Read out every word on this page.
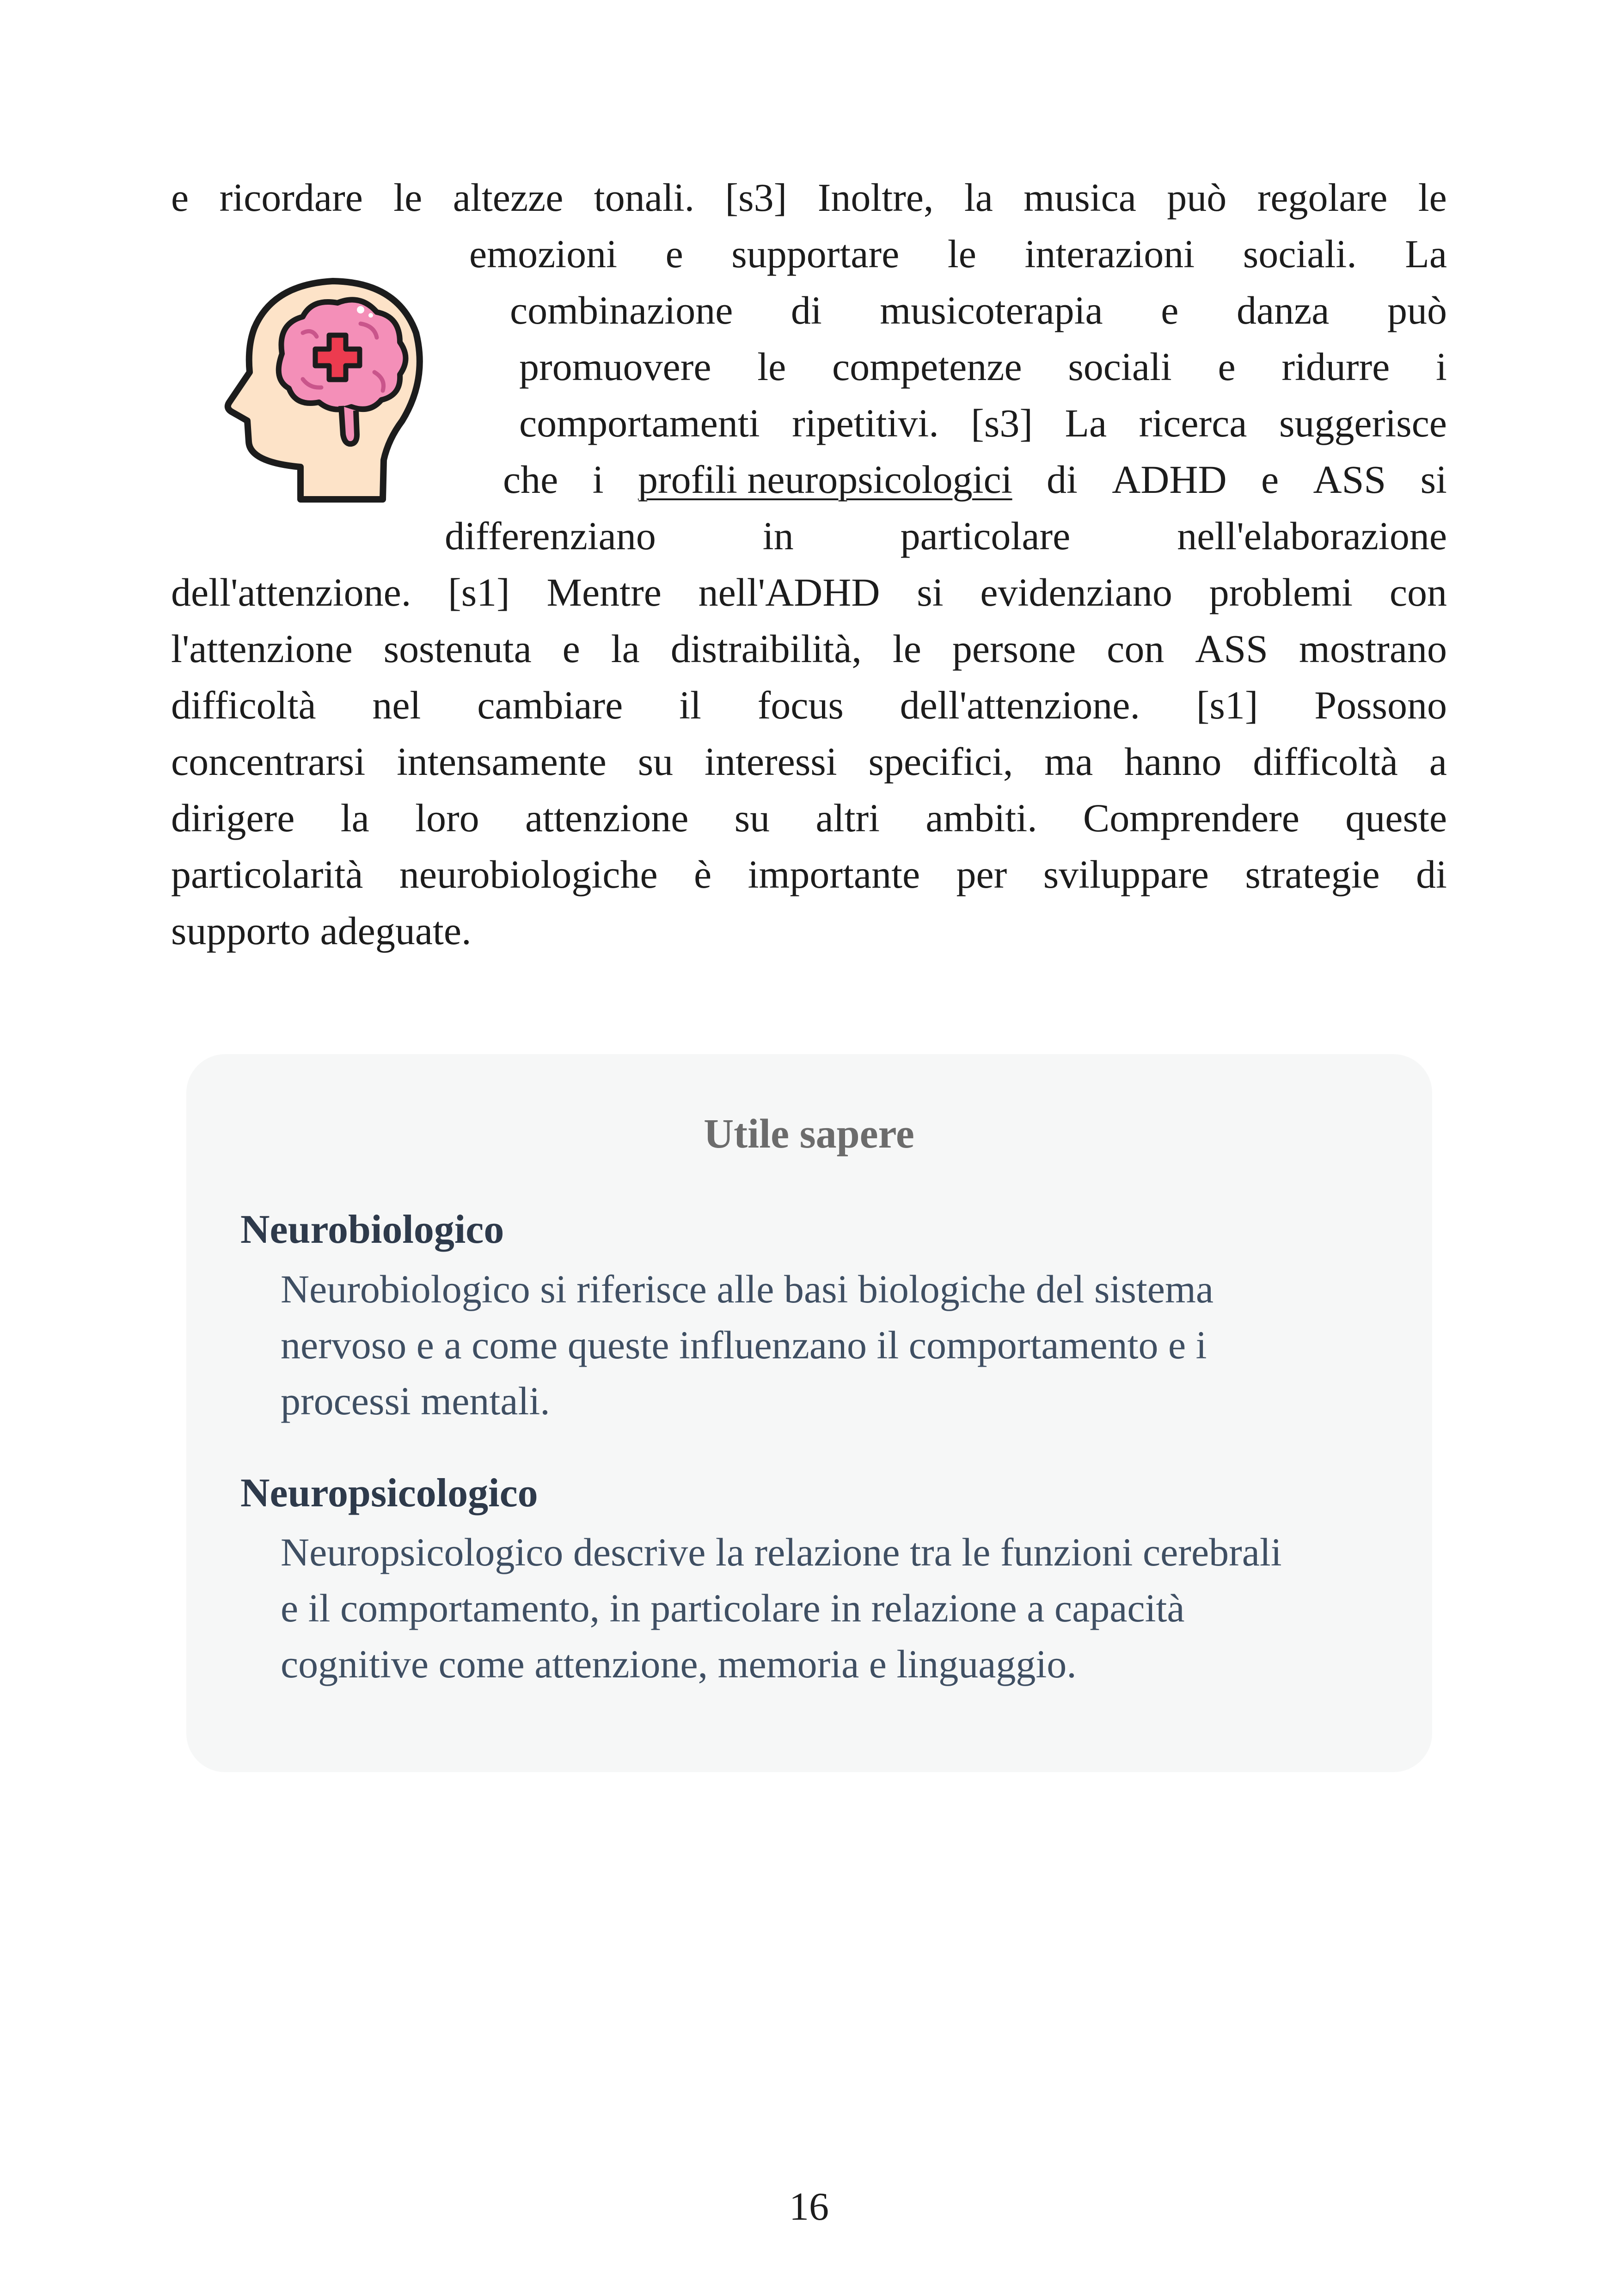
e ricordare le altezze tonali. [s3] Inoltre, la musica può regolare le
emozioni e supportare le interazioni sociali. La
combinazione di musicoterapia e danza può
promuovere le competenze sociali e ridurre i
comportamenti ripetitivi. [s3] La ricerca suggerisce
che i profili neuropsicologici di ADHD e ASS si
differenziano	in	particolare	nell'elaborazione
dell'attenzione. [s1] Mentre nell'ADHD si evidenziano problemi con
l'attenzione sostenuta e la distraibilità, le persone con ASS mostrano
difficoltà nel cambiare il focus dell'attenzione. [s1] Possono
concentrarsi intensamente su interessi specifici, ma hanno difficoltà a
dirigere la loro attenzione su altri ambiti. Comprendere queste
particolarità neurobiologiche è importante per sviluppare strategie di
supporto adeguate.
Utile sapere
Neurobiologico
Neurobiologico si riferisce alle basi biologiche del sistema
nervoso e a come queste influenzano il comportamento e i
processi mentali.
Neuropsicologico
Neuropsicologico descrive la relazione tra le funzioni cerebrali
e il comportamento, in particolare in relazione a capacità
cognitive come attenzione, memoria e linguaggio.
16
